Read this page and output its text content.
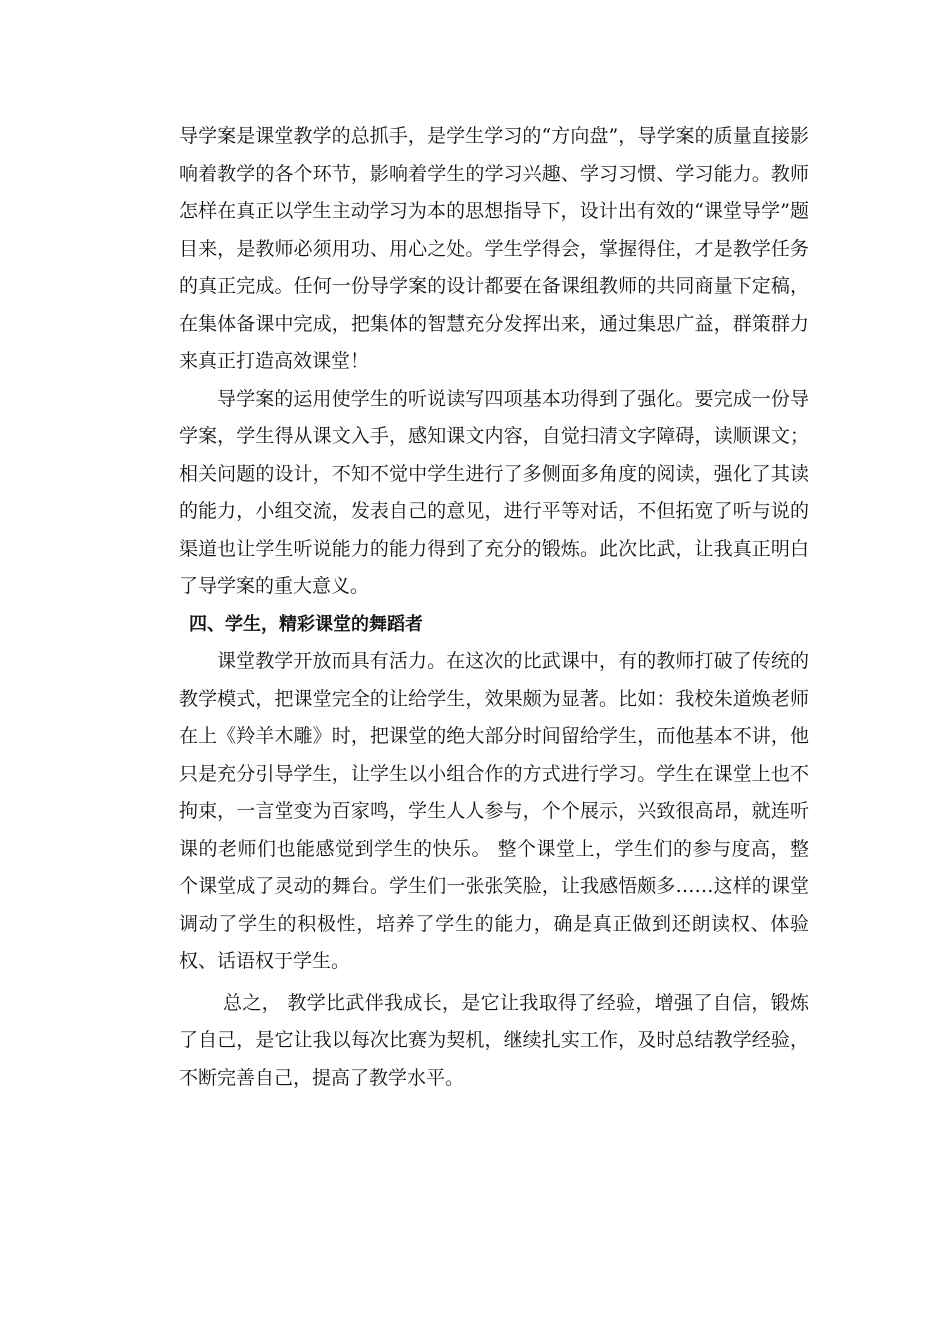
导学案是课堂教学的总抓手，是学生学习的“方向盘”，导学案的质量直接影响着教学的各个环节，影响着学生的学习兴趣、学习习惯、学习能力。教师怎样在真正以学生主动学习为本的思想指导下，设计出有效的“课堂导学”题目来，是教师必须用功、用心之处。学生学得会，掌握得住，才是教学任务的真正完成。任何一份导学案的设计都要在备课组教师的共同商量下定稿，在集体备课中完成，把集体的智慧充分发挥出来，通过集思广益，群策群力来真正打造高效课堂！

导学案的运用使学生的听说读写四项基本功得到了强化。要完成一份导学案，学生得从课文入手，感知课文内容，自觉扫清文字障碍，读顺课文；相关问题的设计，不知不觉中学生进行了多侧面多角度的阅读，强化了其读的能力，小组交流，发表自己的意见，进行平等对话，不但拓宽了听与说的渠道也让学生听说能力的能力得到了充分的锻炼。此次比武，让我真正明白了导学案的重大意义。

四、学生，精彩课堂的舞蹈者

课堂教学开放而具有活力。在这次的比武课中，有的教师打破了传统的教学模式，把课堂完全的让给学生，效果颇为显著。比如：我校朱道焕老师在上《羚羊木雕》时，把课堂的绝大部分时间留给学生，而他基本不讲，他只是充分引导学生，让学生以小组合作的方式进行学习。学生在课堂上也不拘束，一言堂变为百家鸣，学生人人参与，个个展示，兴致很高昂，就连听课的老师们也能感觉到学生的快乐。 整个课堂上，学生们的参与度高，整个课堂成了灵动的舞台。学生们一张张笑脸，让我感悟颇多……这样的课堂调动了学生的积极性，培养了学生的能力，确是真正做到还朗读权、体验权、话语权于学生。

总之， 教学比武伴我成长，是它让我取得了经验，增强了自信，锻炼了自己，是它让我以每次比赛为契机，继续扎实工作，及时总结教学经验，不断完善自己，提高了教学水平。
